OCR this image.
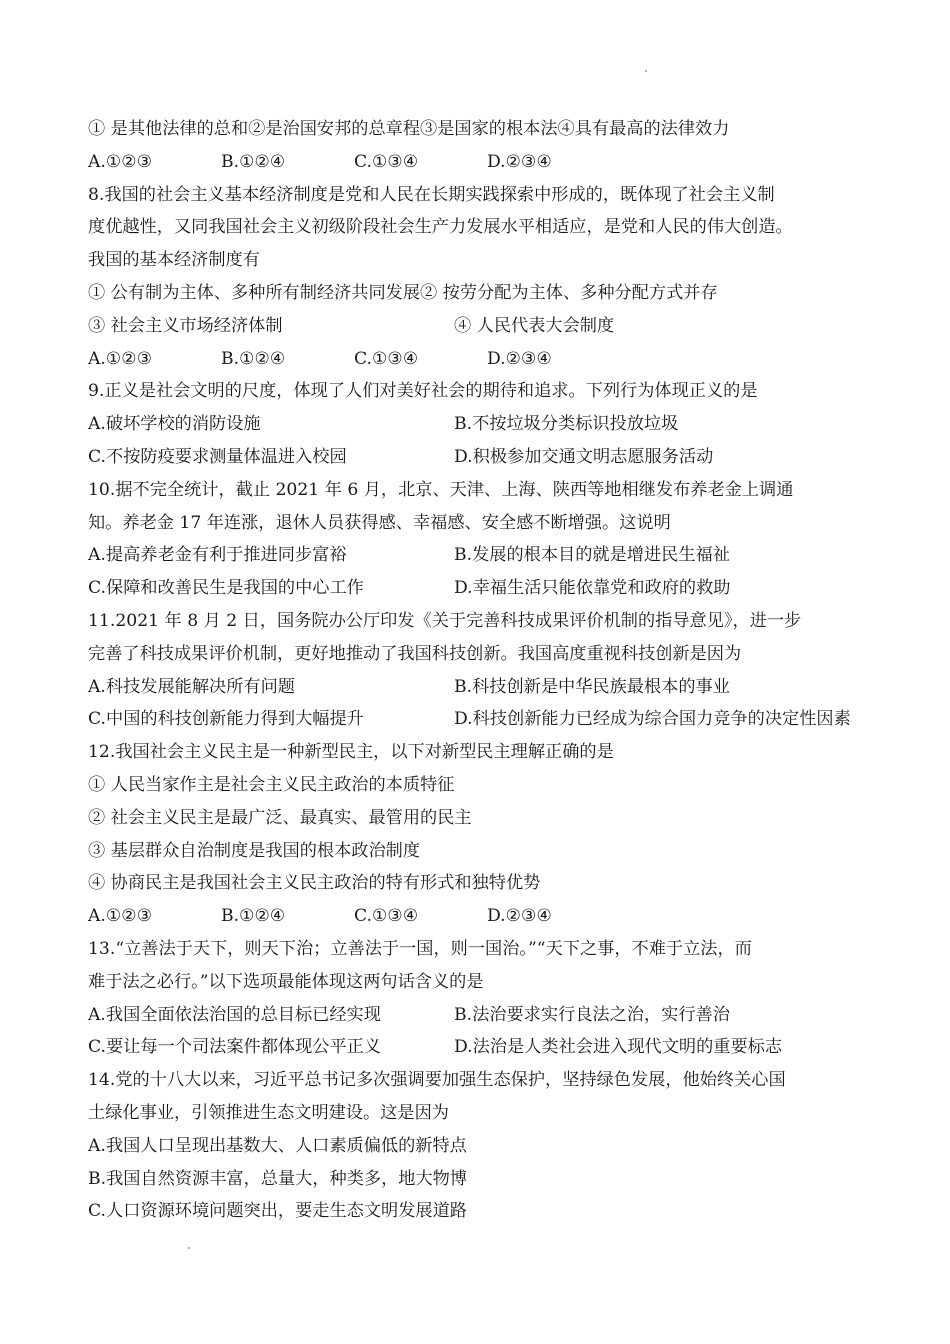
① 是其他法律的总和②是治国安邦的总章程③是国家的根本法④具有最高的法律效力
A.①②③	B.①②④	C.①③④	D.②③④
8.我国的社会主义基本经济制度是党和人民在长期实践探索中形成的，既体现了社会主义制
度优越性，又同我国社会主义初级阶段社会生产力发展水平相适应，是党和人民的伟大创造。
我国的基本经济制度有
① 公有制为主体、多种所有制经济共同发展② 按劳分配为主体、多种分配方式并存
③ 社会主义市场经济体制	④ 人民代表大会制度
A.①②③	B.①②④	C.①③④	D.②③④
9.正义是社会文明的尺度，体现了人们对美好社会的期待和追求。下列行为体现正义的是
A.破坏学校的消防设施	B.不按垃圾分类标识投放垃圾
C.不按防疫要求测量体温进入校园	D.积极参加交通文明志愿服务活动
10.据不完全统计，截止 2021 年 6 月，北京、天津、上海、陕西等地相继发布养老金上调通
知。养老金 17 年连涨，退休人员获得感、幸福感、安全感不断增强。这说明
A.提高养老金有利于推进同步富裕	B.发展的根本目的就是增进民生福祉
C.保障和改善民生是我国的中心工作	D.幸福生活只能依靠党和政府的救助
11.2021 年 8 月 2 日，国务院办公厅印发《关于完善科技成果评价机制的指导意见》，进一步
完善了科技成果评价机制，更好地推动了我国科技创新。我国高度重视科技创新是因为
A.科技发展能解决所有问题	B.科技创新是中华民族最根本的事业
C.中国的科技创新能力得到大幅提升	D.科技创新能力已经成为综合国力竞争的决定性因素
12.我国社会主义民主是一种新型民主，以下对新型民主理解正确的是
① 人民当家作主是社会主义民主政治的本质特征
② 社会主义民主是最广泛、最真实、最管用的民主
③ 基层群众自治制度是我国的根本政治制度
④ 协商民主是我国社会主义民主政治的特有形式和独特优势
A.①②③	B.①②④	C.①③④	D.②③④
13.“立善法于天下，则天下治；立善法于一国，则一国治。”“天下之事，不难于立法，而
难于法之必行。”以下选项最能体现这两句话含义的是
A.我国全面依法治国的总目标已经实现	B.法治要求实行良法之治，实行善治
C.要让每一个司法案件都体现公平正义	D.法治是人类社会进入现代文明的重要标志
14.党的十八大以来，习近平总书记多次强调要加强生态保护，坚持绿色发展，他始终关心国
土绿化事业，引领推进生态文明建设。这是因为
A.我国人口呈现出基数大、人口素质偏低的新特点
B.我国自然资源丰富，总量大，种类多，地大物博
C.人口资源环境问题突出，要走生态文明发展道路
